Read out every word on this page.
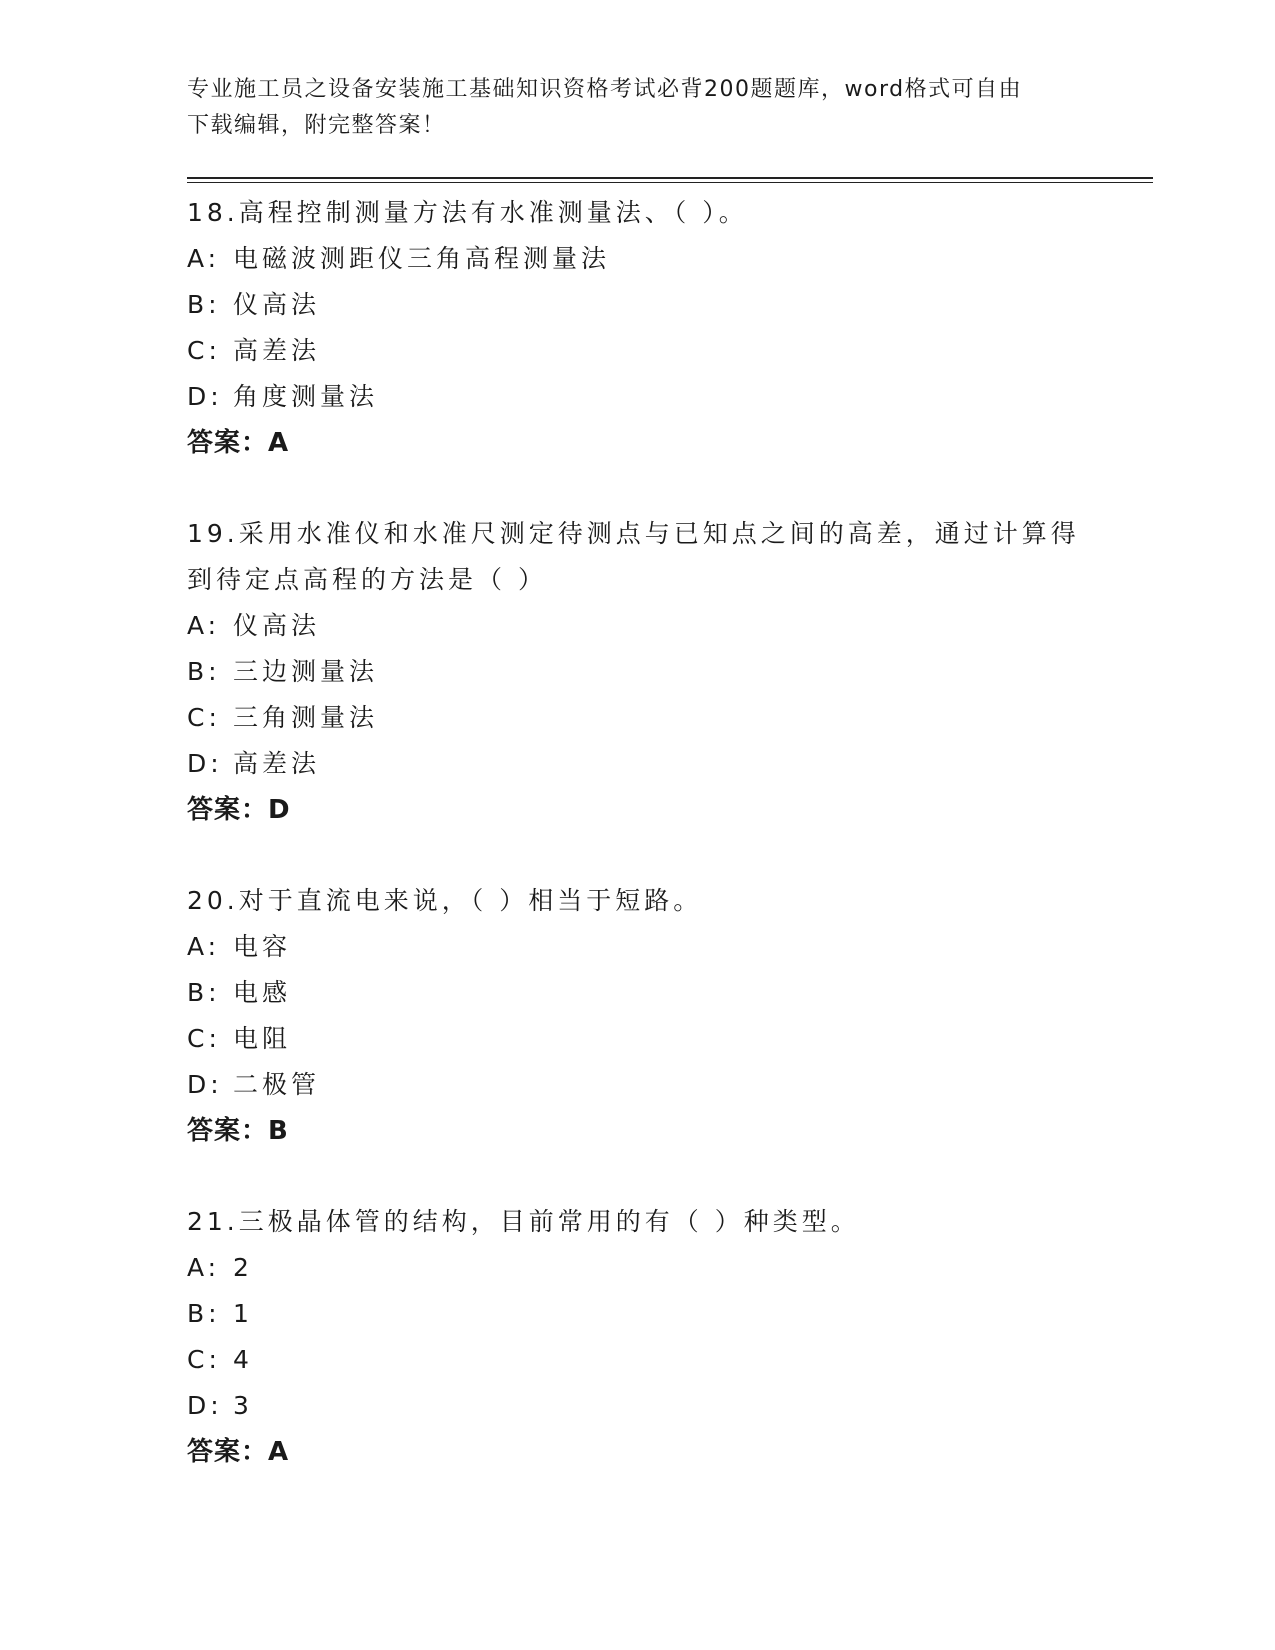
专业施工员之设备安装施工基础知识资格考试必背200题题库，word格式可自由
下载编辑，附完整答案！
18.高程控制测量方法有水准测量法、（ ）。
A: 电磁波测距仪三角高程测量法
B: 仪高法
C: 高差法
D: 角度测量法
答案：A
19.采用水准仪和水准尺测定待测点与已知点之间的高差，通过计算得
到待定点高程的方法是（ ）
A: 仪高法
B: 三边测量法
C: 三角测量法
D: 高差法
答案：D
20.对于直流电来说，（ ）相当于短路。
A: 电容
B: 电感
C: 电阻
D: 二极管
答案：B
21.三极晶体管的结构，目前常用的有（ ）种类型。
A: 2
B: 1
C: 4
D: 3
答案：A
